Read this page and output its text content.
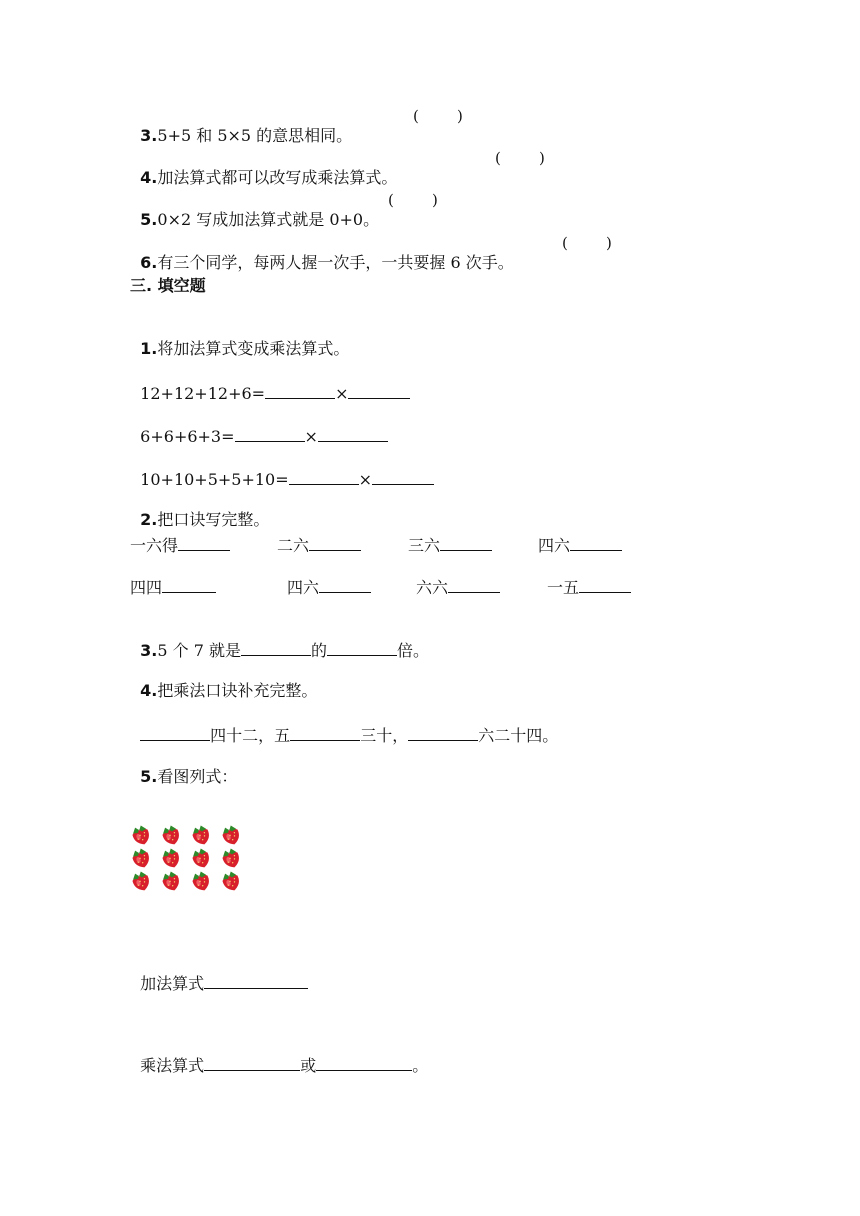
3.5+5 和 5×5 的意思相同。

(        )

4.加法算式都可以改写成乘法算式。

(        )

5.0×2 写成加法算式就是 0+0。

(        )

6.有三个同学，每两人握一次手，一共要握 6 次手。

(        )
三. 填空题

1.将加法算式变成乘法算式。

12+12+12+6=	×

6+6+6+3=	×

10+10+5+5+10=	×

2.把口诀写完整。

一六得	二六	三六	四六
四四	四六	六六	一五

3.5 个 7 就是	的	倍。

4.把乘法口诀补充完整。

四十二，五	三十，	六二十四。

5.看图列式：

加法算式

乘法算式	或	。
